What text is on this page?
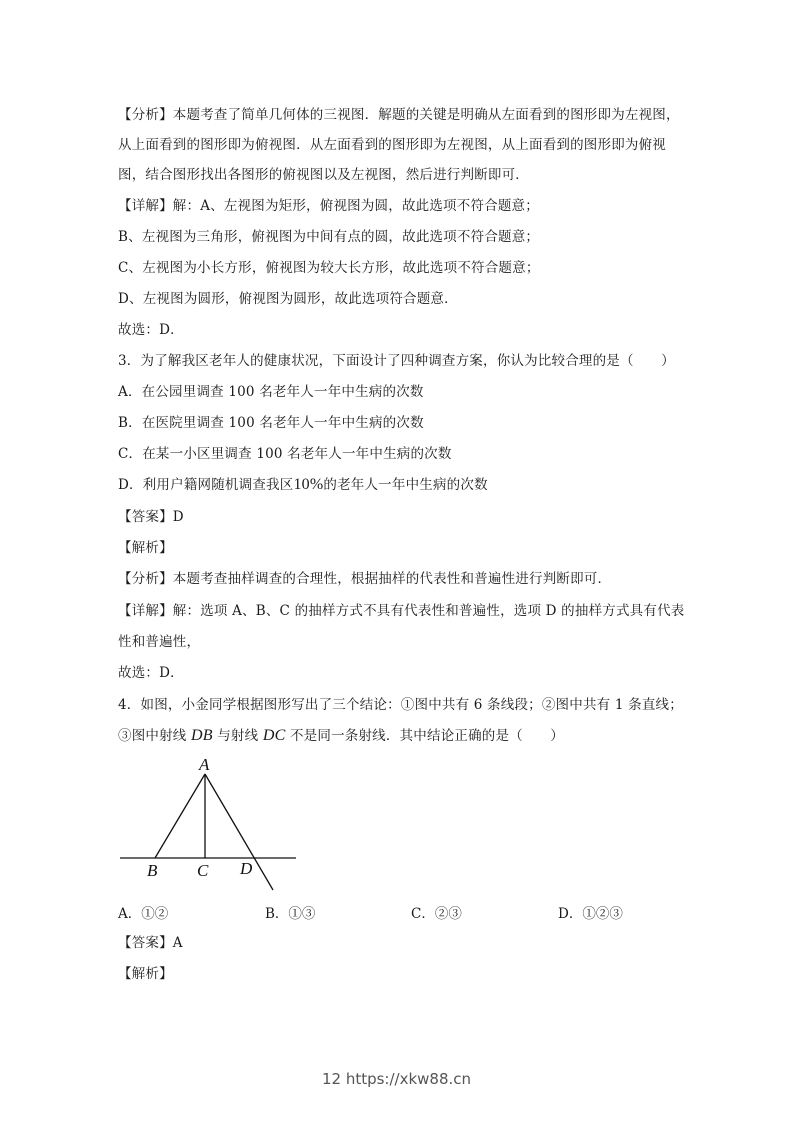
【分析】本题考查了简单几何体的三视图．解题的关键是明确从左面看到的图形即为左视图，
从上面看到的图形即为俯视图．从左面看到的图形即为左视图，从上面看到的图形即为俯视
图，结合图形找出各图形的俯视图以及左视图，然后进行判断即可．
【详解】解：A、左视图为矩形，俯视图为圆，故此选项不符合题意；
B、左视图为三角形，俯视图为中间有点的圆，故此选项不符合题意；
C、左视图为小长方形，俯视图为较大长方形，故此选项不符合题意；
D、左视图为圆形，俯视图为圆形，故此选项符合题意．
故选：D．
3．为了解我区老年人的健康状况，下面设计了四种调查方案，你认为比较合理的是（　　）
A．在公园里调查 100 名老年人一年中生病的次数
B．在医院里调查 100 名老年人一年中生病的次数
C．在某一小区里调查 100 名老年人一年中生病的次数
D．利用户籍网随机调查我区10%的老年人一年中生病的次数
【答案】D
【解析】
【分析】本题考查抽样调查的合理性，根据抽样的代表性和普遍性进行判断即可．
【详解】解：选项 A、B、C 的抽样方式不具有代表性和普遍性，选项 D 的抽样方式具有代表
性和普遍性，
故选：D．
4．如图，小金同学根据图形写出了三个结论：①图中共有 6 条线段；②图中共有 1 条直线；
③图中射线 DB 与射线 DC 不是同一条射线．其中结论正确的是（　　）
A
B C D
A．①②	B．①③	C．②③	D．①②③
【答案】A
【解析】
12 https://xkw88.cn
